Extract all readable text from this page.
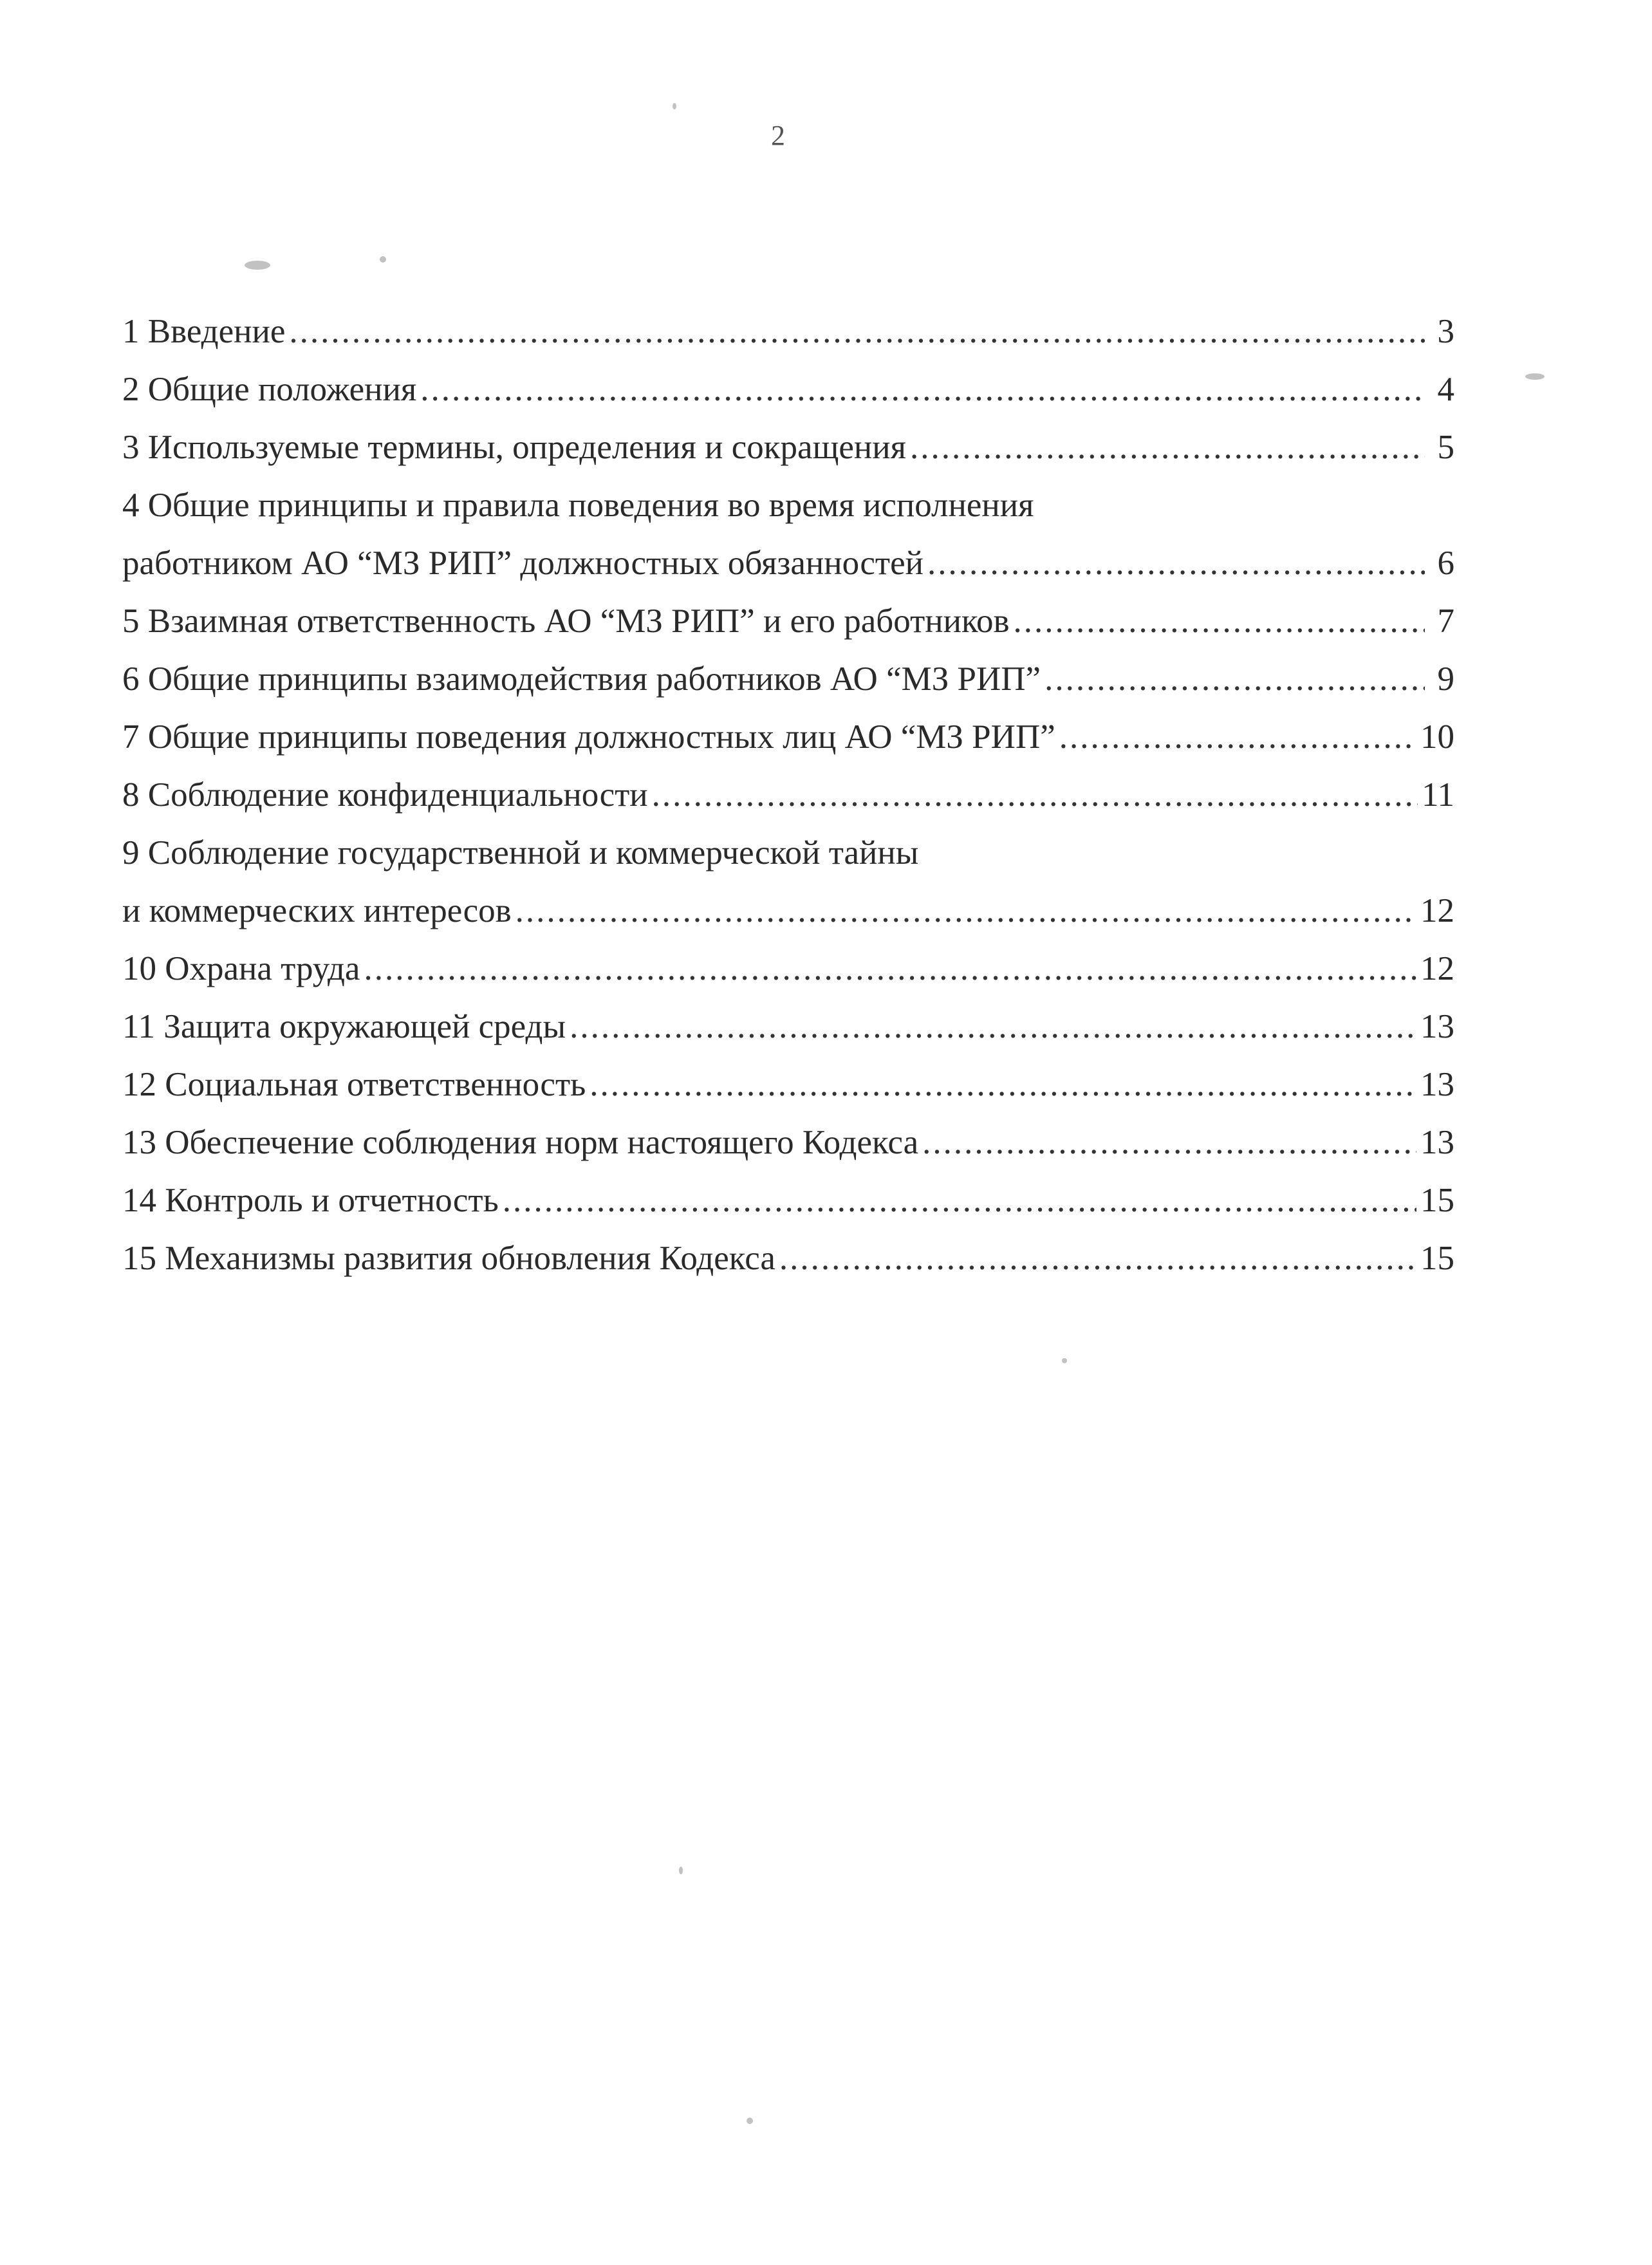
2
1 Введение .....	3
2 Общие положения .....	4
3 Используемые термины, определения и сокращения .....	5
4 Общие принципы и правила поведения во время исполнения
работником АО “МЗ РИП” должностных обязанностей .....	6
5 Взаимная ответственность АО “МЗ РИП” и его работников .....	7
6 Общие принципы взаимодействия работников АО “МЗ РИП” .....	9
7 Общие принципы поведения должностных лиц АО “МЗ РИП” .....	10
8 Соблюдение конфиденциальности .....	11
9 Соблюдение государственной и коммерческой тайны
и коммерческих интересов .....	12
10 Охрана труда .....	12
11 Защита окружающей среды .....	13
12 Социальная ответственность .....	13
13 Обеспечение соблюдения норм настоящего Кодекса .....	13
14 Контроль и отчетность .....	15
15 Механизмы развития обновления Кодекса .....	15
